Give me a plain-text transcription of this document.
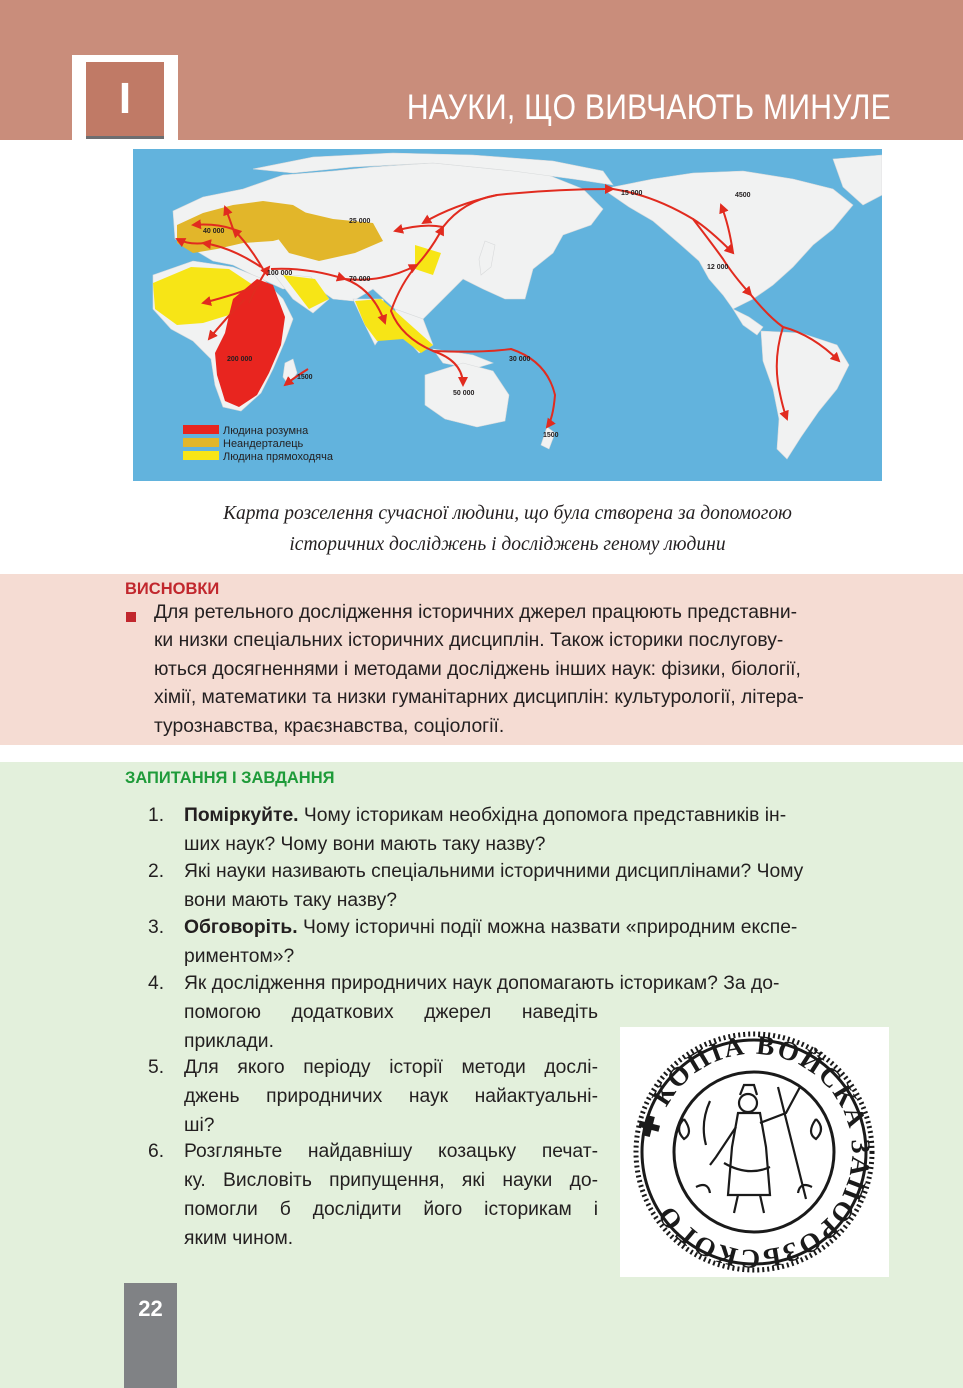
I	НАУКИ, ЩО ВИВЧАЮТЬ МИНУЛЕ
40 000
25 000
15 000	4500
12 000
100 000
70 000
200 000
1500
30 000
50 000
1500
Людина розумна
Неандерталець
Людина прямоходяча
Карта розселення сучасної людини, що була створена за допомогою
історичних досліджень і досліджень геному людини
ВИСНОВКИ
Для ретельного дослідження історичних джерел працюють представни-
ки низки спеціальних історичних дисциплін. Також історики послугову-
ються досягненнями і методами досліджень інших наук: фізики, біології,
хімії, математики та низки гуманітарних дисциплін: культурології, літера-
турознавства, краєзнавства, соціології.
ЗАПИТАННЯ І ЗАВДАННЯ
1.	Поміркуйте. Чому історикам необхідна допомога представників ін-
ших наук? Чому вони мають таку назву?
2.	Які науки називають спеціальними історичними дисциплінами? Чому
вони мають таку назву?
3.	Обговоріть. Чому історичні події можна назвати «природним експе-
риментом»?
4.	Як дослідження природничих наук допомагають історикам? За до-
помогою додаткових джерел наведіть
приклади.
5.	Для якого періоду історії методи дослі-
джень природничих наук найактуальні-
ші?
6.	Розгляньте найдавнішу козацьку печат-
ку. Висловіть припущення, які науки до-
помогли б дослідити його історикам і
яким чином.
✚ КОПІА ВОЙСКА ЗАПОРОЗЬСКОГО
22
